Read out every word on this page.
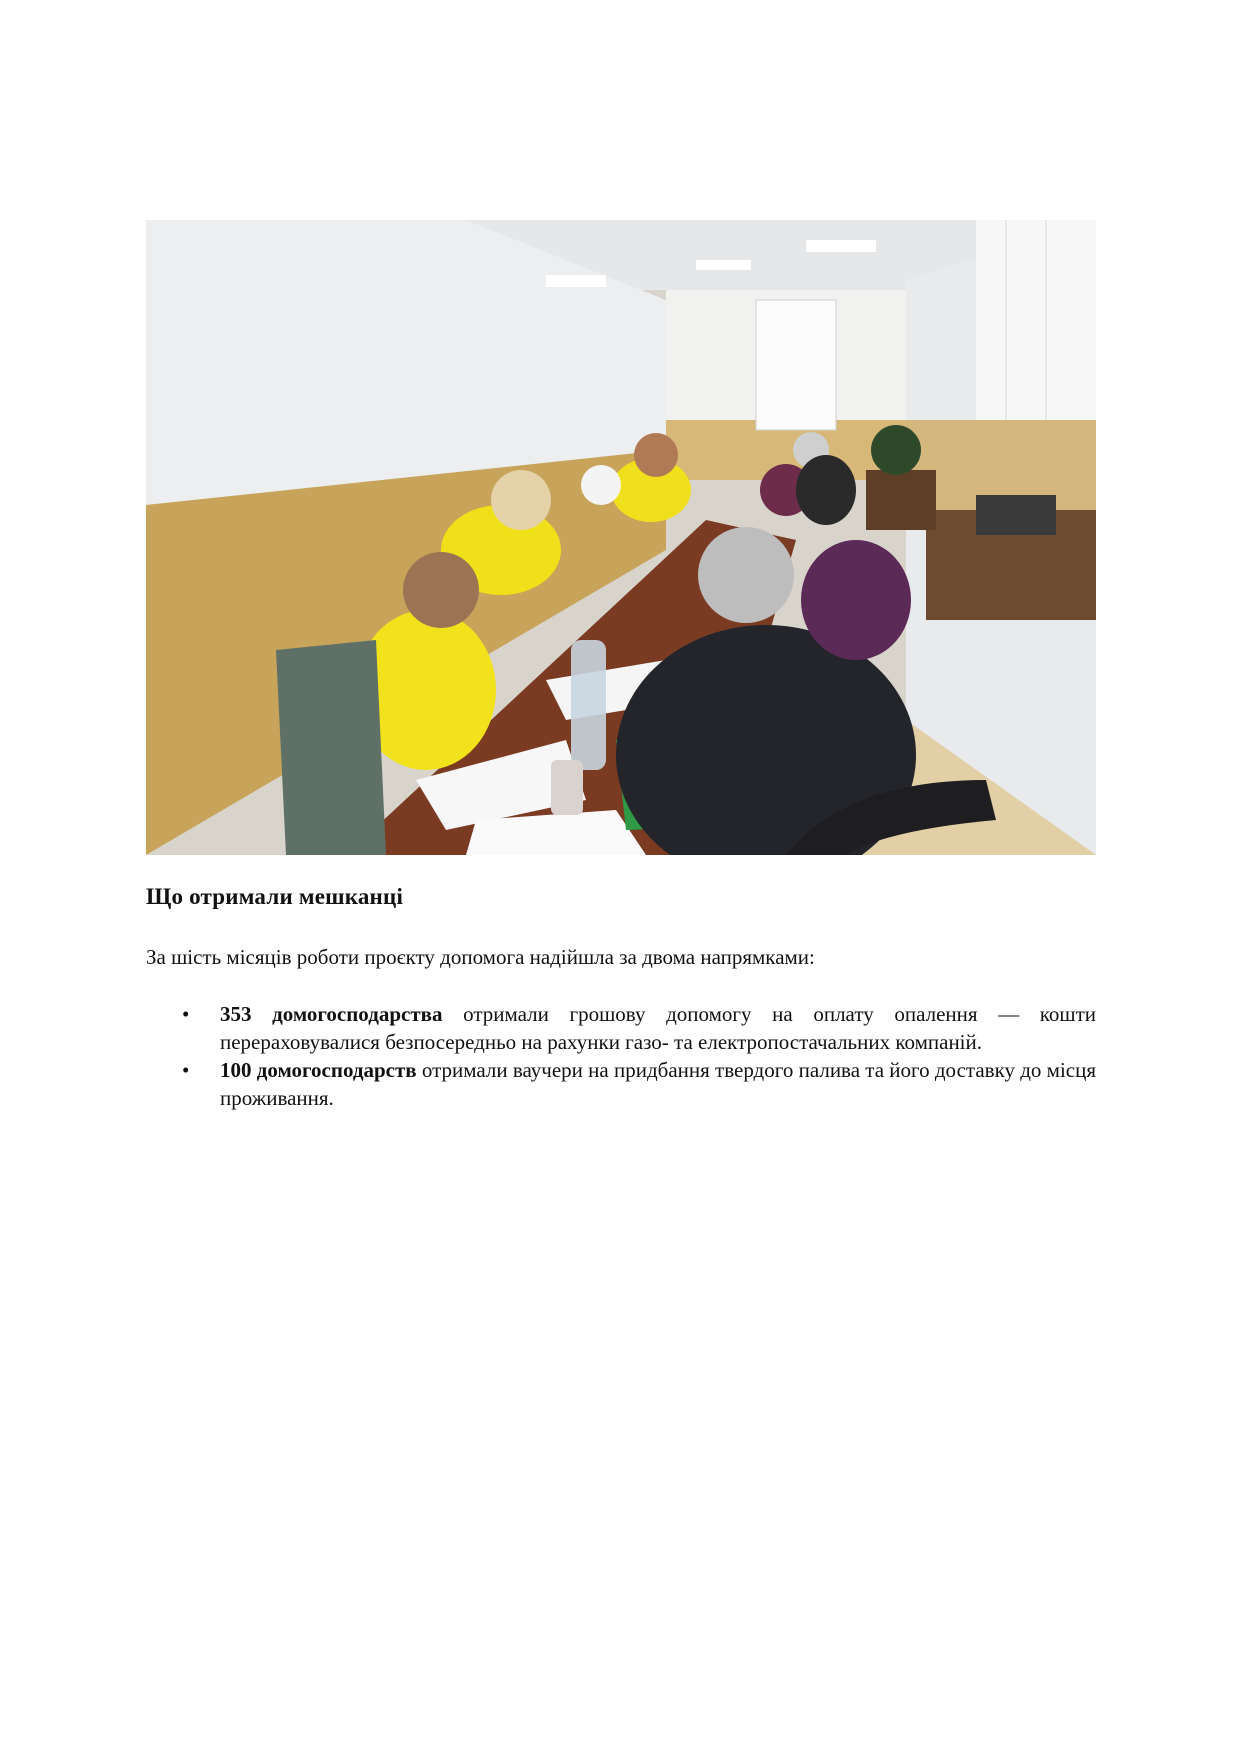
Що отримали мешканці

За шість місяців роботи проєкту допомога надійшла за двома напрямками:

• 353 домогосподарства отримали грошову допомогу на оплату опалення — кошти перераховувалися безпосередньо на рахунки газо- та електропостачальних компаній.
• 100 домогосподарств отримали ваучери на придбання твердого палива та його доставку до місця проживання.
